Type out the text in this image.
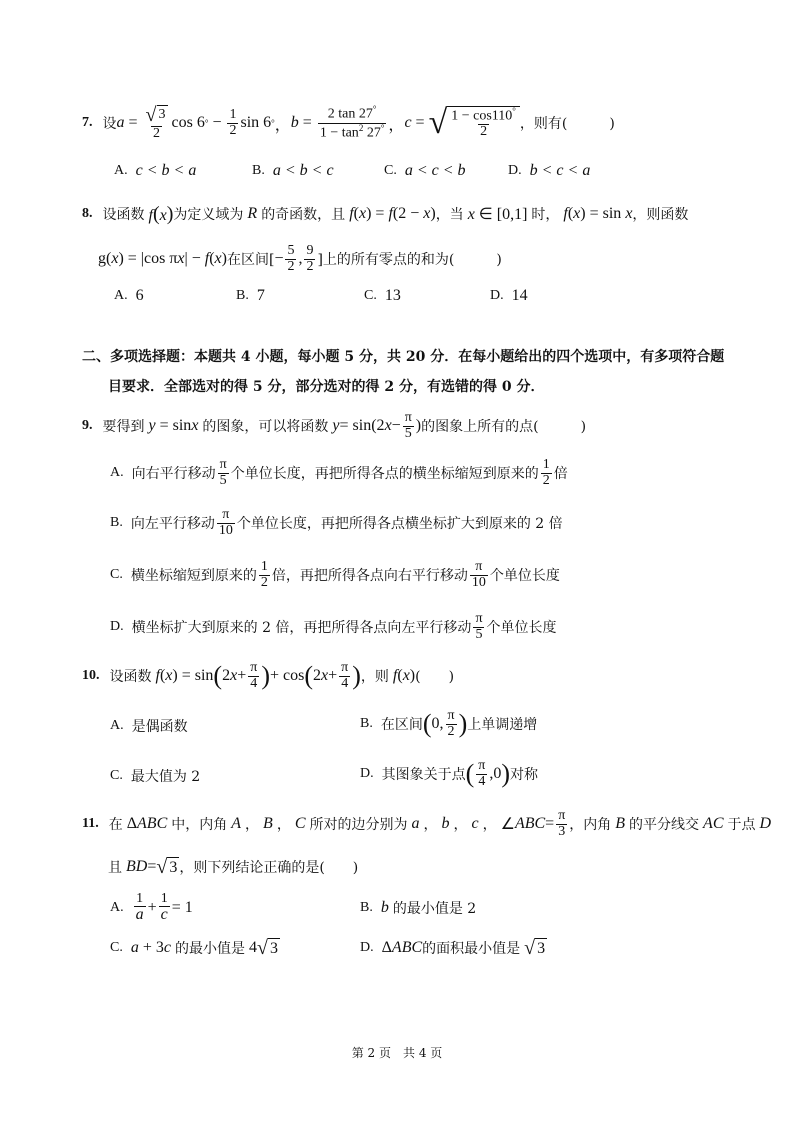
7. 设 $a = \frac{√ 3}{2}$ cos 6 ° − $\frac{1}{2}$ sin 6 ° ， $b = \frac{2 \tan 27^\circ}{1 - \tan^2 27^\circ}$ ， c = √ $\frac{1 - \cos 110^\circ}{2}$ ，则有(　　　)
A. c < b < a	B. a < b < c	C. a < c < b	D. b < c < a
8. 设函数 f(x) 为定义域为 R 的奇函数，且 f(x) = f(2 − x) ，当 x ∈ [0,1] 时， f(x) = sin x ，则函数
g(x) = |cos πx| − f(x) 在区间[ − $\frac{5}{2}$ , $\frac{9}{2}$ ]上的所有零点的和为(　　　)
A. 6	B. 7	C. 13	D. 14
二、多项选择题：本题共 4 小题，每小题 5 分，共 20 分．在每小题给出的四个选项中，有多项符合题
目要求．全部选对的得 5 分，部分选对的得 2 分，有选错的得 0 分．
9. 要得到 y = sinx 的图象，可以将函数
y = sin(2 $x - \frac{\pi}{5}$ ) 的图象上所有的点(　　　)
A. 向右平行移动 $\frac{\pi}{5}$ 个单位长度，再把所得各点的横坐标缩短到原来的 $\frac{1}{2}$ 倍
B. 向左平行移动 $\frac{\pi}{10}$ 个单位长度，再把所得各点横坐标扩大到原来的 2 倍
C. 横坐标缩短到原来的 $\frac{1}{2}$ 倍，再把所得各点向右平行移动 $\frac{\pi}{10}$ 个单位长度
D. 横坐标扩大到原来的 2 倍，再把所得各点向左平行移动 $\frac{\pi}{5}$ 个单位长度
10. 设函数
f ( x ) = sin ( 2 $x + \frac{\pi}{4}$ ) + cos ( 2 $x + \frac{\pi}{4}$ ) ，则 f(x) (　　)
A. 是偶函数	B. 在区间 ( 0, $\frac{\pi}{2}$ ) 上单调递增
C. 最大值为 2	D. 其图象关于点 ( $\frac{\pi}{4} ,0$ ) 对称
11. 在 ΔABC 中，内角 A ， B ， C 所对的边分别为 a ， b ， c ， ∠ ABC = $\frac{\pi}{3}$ ，内角 B 的平分线交 AC 于点 D
且
BD = √ 3 ，则下列结论正确的是(　　)
A. $\frac{1}{a} + \frac{1}{c} = 1$	B. b 的最小值是 2
C. a + 3c 的最小值是 4 √ 3	D. ΔABC 的面积最小值是
√ 3
第 2 页　共 4 页
